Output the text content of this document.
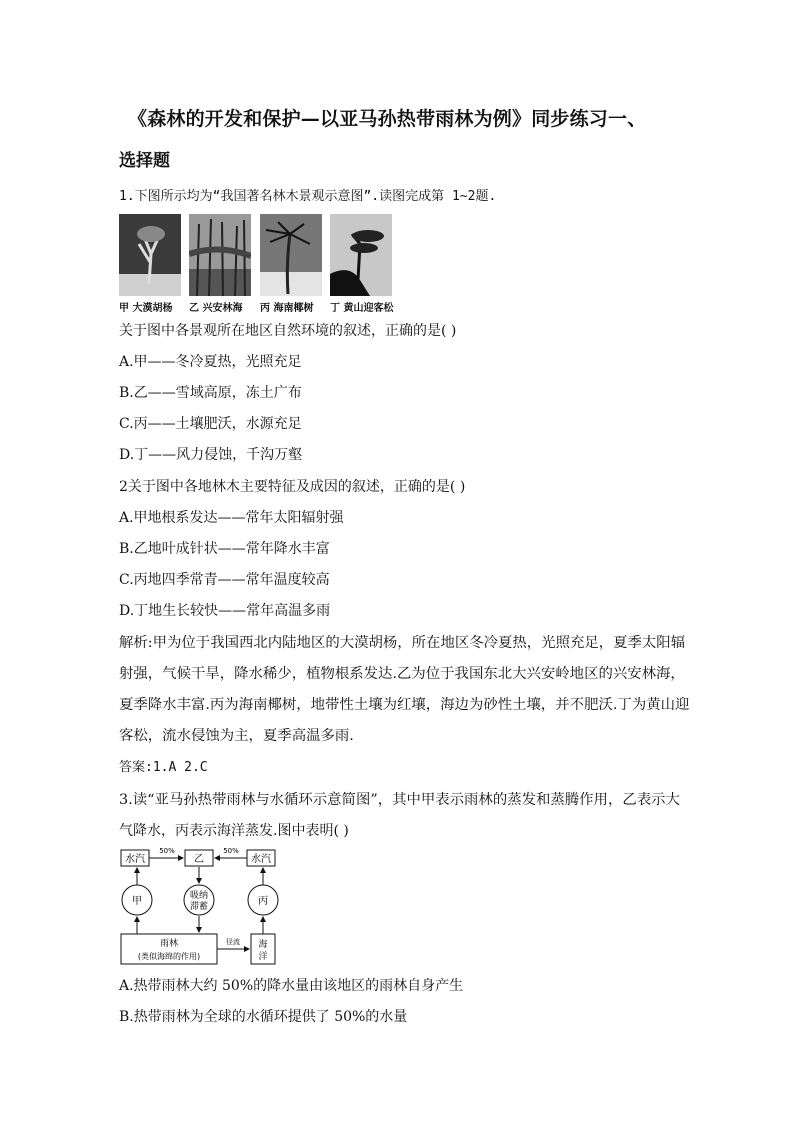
《森林的开发和保护—以亚马孙热带雨林为例》同步练习一、
选择题
1.下图所示均为“我国著名林木景观示意图”.读图完成第 1~2题.
甲 大漠胡杨 乙 兴安林海 丙 海南椰树 丁 黄山迎客松
关于图中各景观所在地区自然环境的叙述，正确的是( )
A.甲——冬冷夏热，光照充足
B.乙——雪域高原，冻土广布
C.丙——土壤肥沃，水源充足
D.丁——风力侵蚀，千沟万壑
2关于图中各地林木主要特征及成因的叙述，正确的是( )
A.甲地根系发达——常年太阳辐射强
B.乙地叶成针状——常年降水丰富
C.丙地四季常青——常年温度较高
D.丁地生长较快——常年高温多雨
解析:甲为位于我国西北内陆地区的大漠胡杨，所在地区冬冷夏热，光照充足，夏季太阳辐
射强，气候干旱，降水稀少，植物根系发达.乙为位于我国东北大兴安岭地区的兴安林海，
夏季降水丰富.丙为海南椰树，地带性土壤为红壤，海边为砂性土壤，并不肥沃.丁为黄山迎
客松，流水侵蚀为主，夏季高温多雨.
答案:1.A 2.C
3.读“亚马孙热带雨林与水循环示意简图”，其中甲表示雨林的蒸发和蒸腾作用，乙表示大
气降水，丙表示海洋蒸发.图中表明( )
水汽	乙	水汽
50%	50%
甲	吸纳
滞蓄	丙
雨林
(类似海绵的作用)
海
洋
径流
A.热带雨林大约 50%的降水量由该地区的雨林自身产生
B.热带雨林为全球的水循环提供了 50%的水量
